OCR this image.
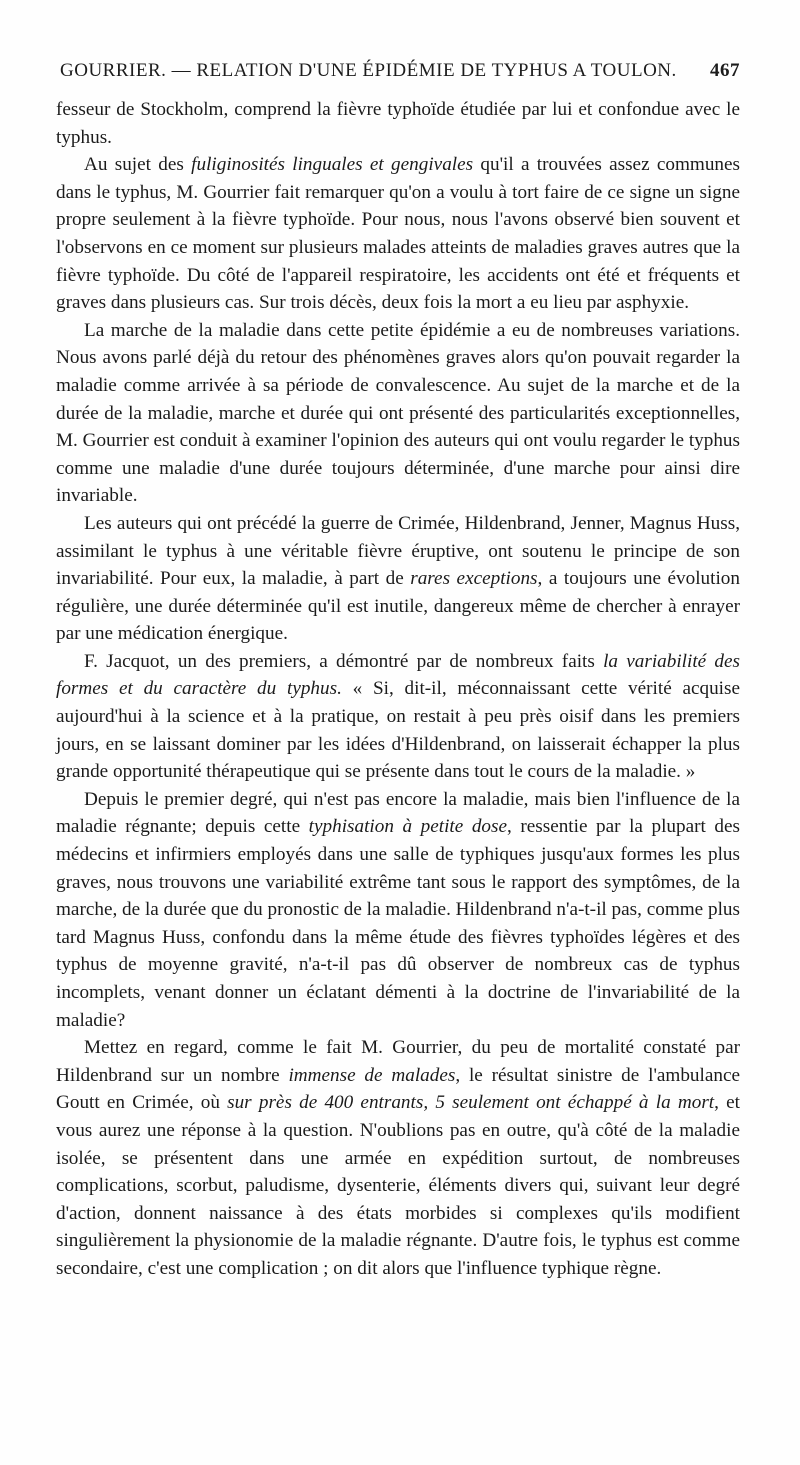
GOURRIER. — RELATION D'UNE ÉPIDÉMIE DE TYPHUS A TOULON. 467

fesseur de Stockholm, comprend la fièvre typhoïde étudiée par lui et confondue avec le typhus.

Au sujet des fuliginosités linguales et gengivales qu'il a trouvées assez communes dans le typhus, M. Gourrier fait remarquer qu'on a voulu à tort faire de ce signe un signe propre seulement à la fièvre typhoïde. Pour nous, nous l'avons observé bien souvent et l'observons en ce moment sur plusieurs malades atteints de maladies graves autres que la fièvre typhoïde. Du côté de l'appareil respiratoire, les accidents ont été et fréquents et graves dans plusieurs cas. Sur trois décès, deux fois la mort a eu lieu par asphyxie.

La marche de la maladie dans cette petite épidémie a eu de nombreuses variations. Nous avons parlé déjà du retour des phénomènes graves alors qu'on pouvait regarder la maladie comme arrivée à sa période de convalescence. Au sujet de la marche et de la durée de la maladie, marche et durée qui ont présenté des particularités exceptionnelles, M. Gourrier est conduit à examiner l'opinion des auteurs qui ont voulu regarder le typhus comme une maladie d'une durée toujours déterminée, d'une marche pour ainsi dire invariable.

Les auteurs qui ont précédé la guerre de Crimée, Hildenbrand, Jenner, Magnus Huss, assimilant le typhus à une véritable fièvre éruptive, ont soutenu le principe de son invariabilité. Pour eux, la maladie, à part de rares exceptions, a toujours une évolution régulière, une durée déterminée qu'il est inutile, dangereux même de chercher à enrayer par une médication énergique.

F. Jacquot, un des premiers, a démontré par de nombreux faits la variabilité des formes et du caractère du typhus. « Si, dit-il, méconnaissant cette vérité acquise aujourd'hui à la science et à la pratique, on restait à peu près oisif dans les premiers jours, en se laissant dominer par les idées d'Hildenbrand, on laisserait échapper la plus grande opportunité thérapeutique qui se présente dans tout le cours de la maladie. »

Depuis le premier degré, qui n'est pas encore la maladie, mais bien l'influence de la maladie régnante; depuis cette typhisation à petite dose, ressentie par la plupart des médecins et infirmiers employés dans une salle de typhiques jusqu'aux formes les plus graves, nous trouvons une variabilité extrême tant sous le rapport des symptômes, de la marche, de la durée que du pronostic de la maladie. Hildenbrand n'a-t-il pas, comme plus tard Magnus Huss, confondu dans la même étude des fièvres typhoïdes légères et des typhus de moyenne gravité, n'a-t-il pas dû observer de nombreux cas de typhus incomplets, venant donner un éclatant démenti à la doctrine de l'invariabilité de la maladie?

Mettez en regard, comme le fait M. Gourrier, du peu de mortalité constaté par Hildenbrand sur un nombre immense de malades, le résultat sinistre de l'ambulance Goutt en Crimée, où sur près de 400 entrants, 5 seulement ont échappé à la mort, et vous aurez une réponse à la question. N'oublions pas en outre, qu'à côté de la maladie isolée, se présentent dans une armée en expédition surtout, de nombreuses complications, scorbut, paludisme, dysenterie, éléments divers qui, suivant leur degré d'action, donnent naissance à des états morbides si complexes qu'ils modifient singulièrement la physionomie de la maladie régnante. D'autre fois, le typhus est comme secondaire, c'est une complication ; on dit alors que l'influence typhique règne.
